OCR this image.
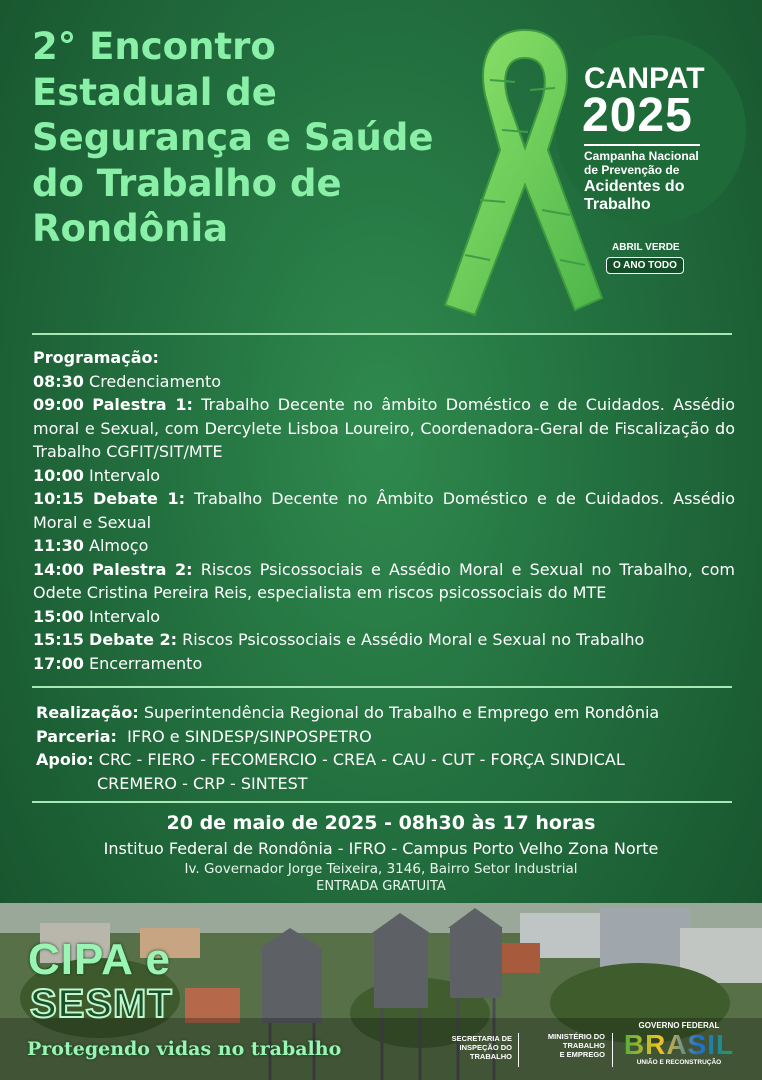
2° Encontro
Estadual de
Segurança e Saúde
do Trabalho de
Rondônia
CANPAT
2025
Campanha Nacional
de Prevenção de
Acidentes do
Trabalho
ABRIL VERDE
O ANO TODO
Programação:
08:30 Credenciamento
09:00 Palestra 1: Trabalho Decente no âmbito Doméstico e de Cuidados. Assédio moral e Sexual, com Dercylete Lisboa Loureiro, Coordenadora-Geral de Fiscalização do Trabalho CGFIT/SIT/MTE
10:00 Intervalo
10:15 Debate 1: Trabalho Decente no Âmbito Doméstico e de Cuidados. Assédio Moral e Sexual
11:30 Almoço
14:00 Palestra 2: Riscos Psicossociais e Assédio Moral e Sexual no Trabalho, com Odete Cristina Pereira Reis, especialista em riscos psicossociais do MTE
15:00 Intervalo
15:15 Debate 2: Riscos Psicossociais e Assédio Moral e Sexual no Trabalho
17:00 Encerramento
Realização: Superintendência Regional do Trabalho e Emprego em Rondônia
Parceria: IFRO e SINDESP/SINPOSPETRO
Apoio: CRC - FIERO - FECOMERCIO - CREA - CAU - CUT - FORÇA SINDICAL
CREMERO - CRP - SINTEST
20 de maio de 2025 - 08h30 às 17 horas
Instituo Federal de Rondônia - IFRO - Campus Porto Velho Zona Norte
Iv. Governador Jorge Teixeira, 3146, Bairro Setor Industrial
ENTRADA GRATUITA
CIPA e
SESMT
Protegendo vidas no trabalho	SECRETARIA DE
INSPEÇÃO DO
TRABALHO
MINISTÉRIO DO
TRABALHO
E EMPREGO
GOVERNO FEDERAL
BRASIL
UNIÃO E RECONSTRUÇÃO
